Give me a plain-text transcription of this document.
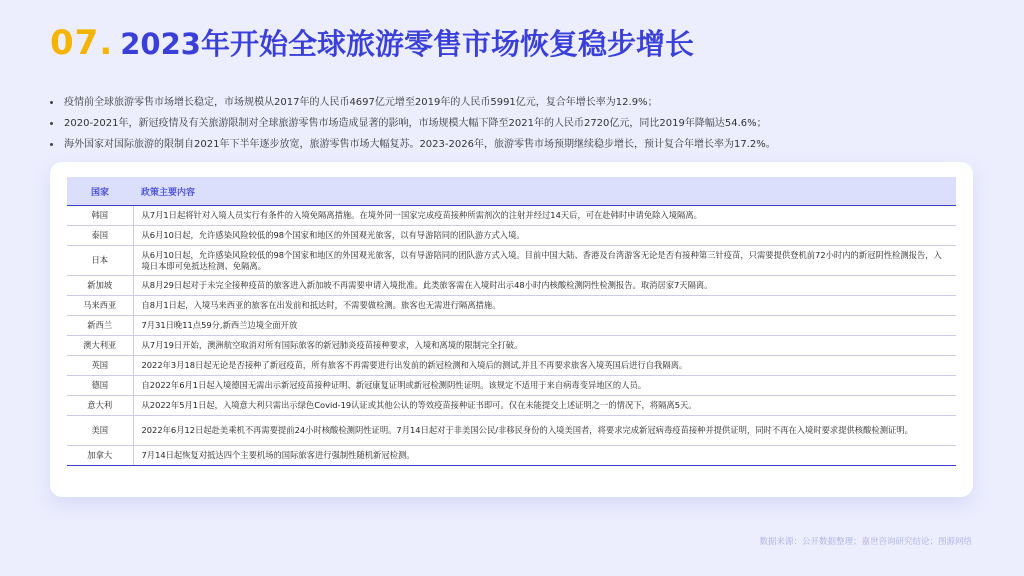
07 . 2023年开始全球旅游零售市场恢复稳步增长
疫情前全球旅游零售市场增长稳定，市场规模从2017年的人民币4697亿元增至2019年的人民币5991亿元，复合年增长率为12.9%；
2020-2021年，新冠疫情及有关旅游限制对全球旅游零售市场造成显著的影响，市场规模大幅下降至2021年的人民币2720亿元，同比2019年降幅达54.6%；
海外国家对国际旅游的限制自2021年下半年逐步放宽，旅游零售市场大幅复苏。2023-2026年，旅游零售市场预期继续稳步增长，预计复合年增长率为17.2%。
国家	政策主要内容
韩国	从7月1日起将针对入境人员实行有条件的入境免隔离措施。在境外同一国家完成疫苗接种所需剂次的注射并经过14天后，可在赴韩时申请免除入境隔离。
泰国	从6月10日起，允许感染风险较低的98个国家和地区的外国观光旅客，以有导游陪同的团队游方式入境。
日本	从6月10日起，允许感染风险较低的98个国家和地区的外国观光旅客，以有导游陪同的团队游方式入境。目前中国大陆、香港及台湾游客无论是否有接种第三针疫苗，只需要提供登机前72小时内的新冠阴性检测报告，入境日本即可免抵达检测、免隔离。
新加坡	从8月29日起对于未完全接种疫苗的旅客进入新加坡不再需要申请入境批准。此类旅客需在入境时出示48小时内核酸检测阴性检测报告。取消居家7天隔离。
马来西亚	自8月1日起，入境马来西亚的旅客在出发前和抵达时，不需要做检测。旅客也无需进行隔离措施。
新西兰	7月31日晚11点59分,新西兰边境全面开放
澳大利亚	从7月19日开始，澳洲航空取消对所有国际旅客的新冠肺炎疫苗接种要求，入境和离境的限制完全打破。
英国	2022年3月18日起无论是否接种了新冠疫苗，所有旅客不再需要进行出发前的新冠检测和入境后的测试,并且不再要求旅客入境英国后进行自我隔离。
德国	自2022年6月1日起入境德国无需出示新冠疫苗接种证明、新冠康复证明或新冠检测阴性证明。该规定不适用于来自病毒变异地区的人员。
意大利	从2022年5月1日起，入境意大利只需出示绿色Covid-19认证或其他公认的等效疫苗接种证书即可。仅在未能提交上述证明之一的情况下，将隔离5天。
美国	2022年6月12日起赴美乘机不再需要提前24小时核酸检测阴性证明。7月14日起对于非美国公民/非移民身份的入境美国者，将要求完成新冠病毒疫苗接种并提供证明，同时不再在入境时要求提供核酸检测证明。
加拿大	7月14日起恢复对抵达四个主要机场的国际旅客进行强制性随机新冠检测。
数据来源：公开数据整理；嘉世咨询研究结论；图源网络
